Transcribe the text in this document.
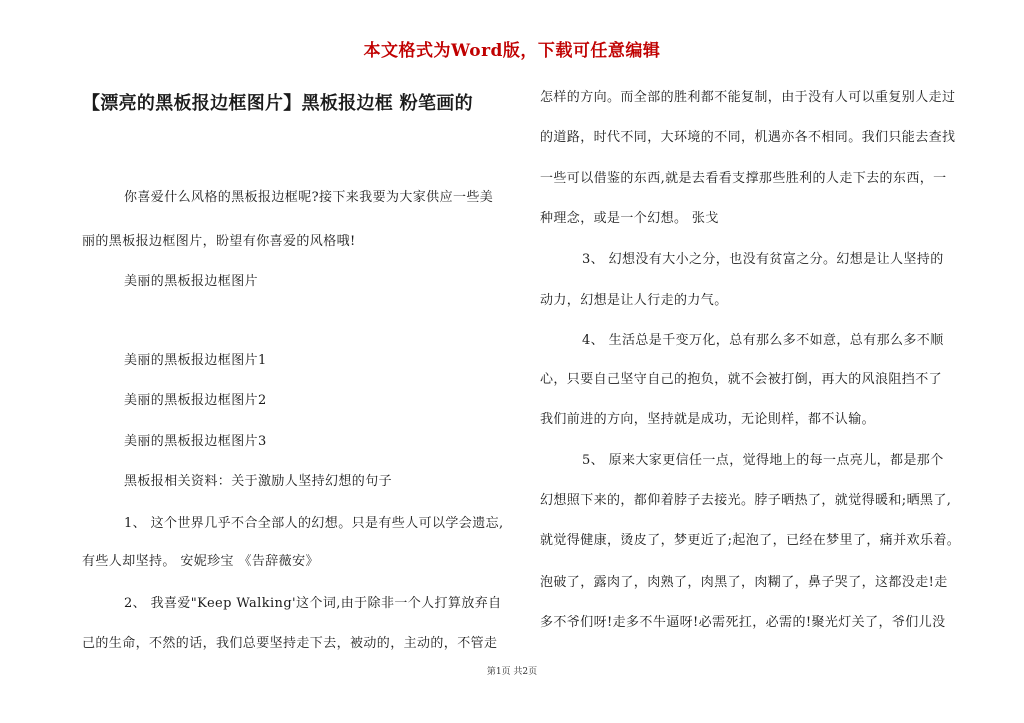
本文格式为Word版，下载可任意编辑
【漂亮的黑板报边框图片】黑板报边框 粉笔画的
你喜爱什么风格的黑板报边框呢?接下来我要为大家供应一些美
丽的黑板报边框图片，盼望有你喜爱的风格哦!
美丽的黑板报边框图片
美丽的黑板报边框图片1
美丽的黑板报边框图片2
美丽的黑板报边框图片3
黑板报相关资料：关于激励人坚持幻想的句子
1、 这个世界几乎不合全部人的幻想。只是有些人可以学会遗忘,
有些人却坚持。 安妮珍宝 《告辞薇安》
2、 我喜爱"Keep Walking'这个词,由于除非一个人打算放弃自
己的生命，不然的话，我们总要坚持走下去，被动的，主动的，不管走
怎样的方向。而全部的胜利都不能复制，由于没有人可以重复别人走过
的道路，时代不同，大环境的不同，机遇亦各不相同。我们只能去查找
一些可以借鉴的东西,就是去看看支撑那些胜利的人走下去的东西，一
种理念，或是一个幻想。 张戈
3、 幻想没有大小之分，也没有贫富之分。幻想是让人坚持的
动力，幻想是让人行走的力气。
4、 生活总是千变万化，总有那么多不如意，总有那么多不顺
心，只要自己坚守自己的抱负，就不会被打倒，再大的风浪阻挡不了
我们前进的方向，坚持就是成功，无论則样，都不认输。
5、 原来大家更信任一点，觉得地上的每一点亮儿，都是那个
幻想照下来的，都仰着脖子去接光。脖子晒热了，就觉得暖和;晒黑了,
就觉得健康，烫皮了，梦更近了;起泡了，已经在梦里了，痛并欢乐着。
泡破了，露肉了，肉熟了，肉黑了，肉糊了，鼻子哭了，这都没走!走
多不爷们呀!走多不牛逼呀!必需死扛，必需的!聚光灯关了，爷们儿没
第1页 共2页
